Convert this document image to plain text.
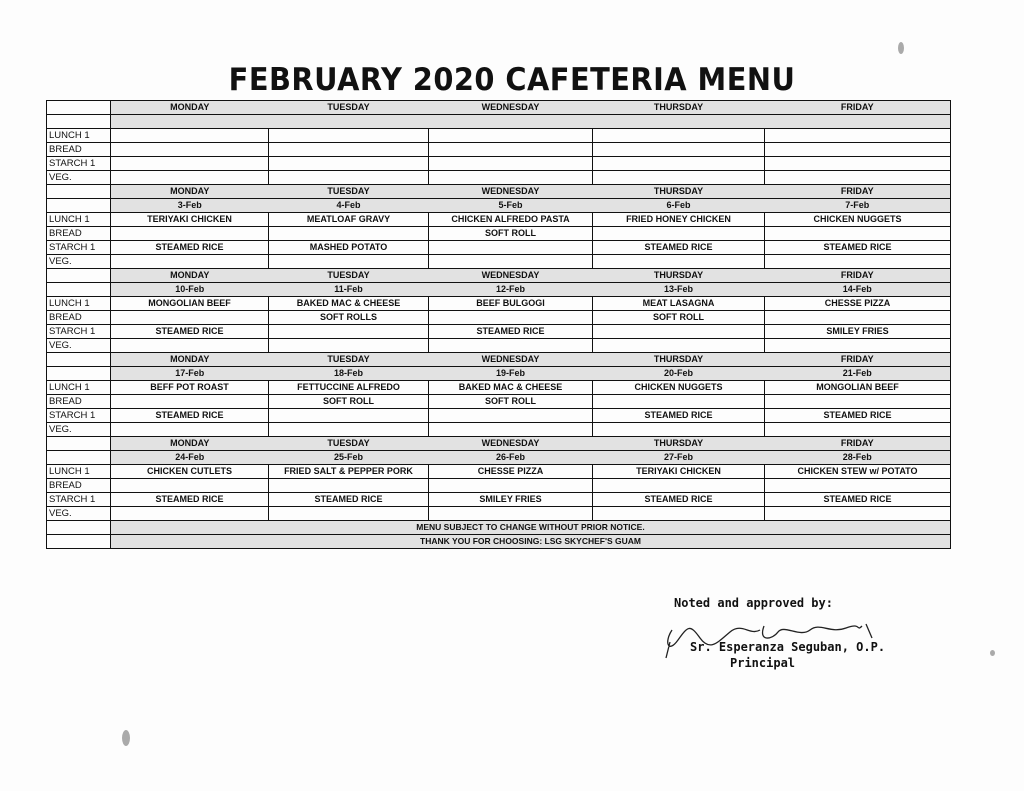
FEBRUARY 2020 CAFETERIA MENU
	MONDAY	TUESDAY	WEDNESDAY	THURSDAY	FRIDAY

LUNCH 1					
BREAD					
STARCH 1					
VEG.					
	MONDAY	TUESDAY	WEDNESDAY	THURSDAY	FRIDAY
	3-Feb	4-Feb	5-Feb	6-Feb	7-Feb
LUNCH 1	TERIYAKI CHICKEN	MEATLOAF GRAVY	CHICKEN ALFREDO PASTA	FRIED HONEY CHICKEN	CHICKEN NUGGETS
BREAD			SOFT ROLL		
STARCH 1	STEAMED RICE	MASHED POTATO		STEAMED RICE	STEAMED RICE
VEG.					
	MONDAY	TUESDAY	WEDNESDAY	THURSDAY	FRIDAY
	10-Feb	11-Feb	12-Feb	13-Feb	14-Feb
LUNCH 1	MONGOLIAN BEEF	BAKED MAC & CHEESE	BEEF BULGOGI	MEAT LASAGNA	CHESSE PIZZA
BREAD		SOFT ROLLS		SOFT ROLL	
STARCH 1	STEAMED RICE		STEAMED RICE		SMILEY FRIES
VEG.					
	MONDAY	TUESDAY	WEDNESDAY	THURSDAY	FRIDAY
	17-Feb	18-Feb	19-Feb	20-Feb	21-Feb
LUNCH 1	BEFF POT ROAST	FETTUCCINE ALFREDO	BAKED MAC & CHEESE	CHICKEN NUGGETS	MONGOLIAN BEEF
BREAD		SOFT ROLL	SOFT ROLL		
STARCH 1	STEAMED RICE			STEAMED RICE	STEAMED RICE
VEG.					
	MONDAY	TUESDAY	WEDNESDAY	THURSDAY	FRIDAY
	24-Feb	25-Feb	26-Feb	27-Feb	28-Feb
LUNCH 1	CHICKEN CUTLETS	FRIED SALT & PEPPER PORK	CHESSE PIZZA	TERIYAKI CHICKEN	CHICKEN STEW w/ POTATO
BREAD					
STARCH 1	STEAMED RICE	STEAMED RICE	SMILEY FRIES	STEAMED RICE	STEAMED RICE
VEG.					
	MENU SUBJECT TO CHANGE WITHOUT PRIOR NOTICE.				
	THANK YOU FOR CHOOSING: LSG SKYCHEF'S GUAM				
Noted and approved by:
Sr. Esperanza Seguban, O.P.
Principal
